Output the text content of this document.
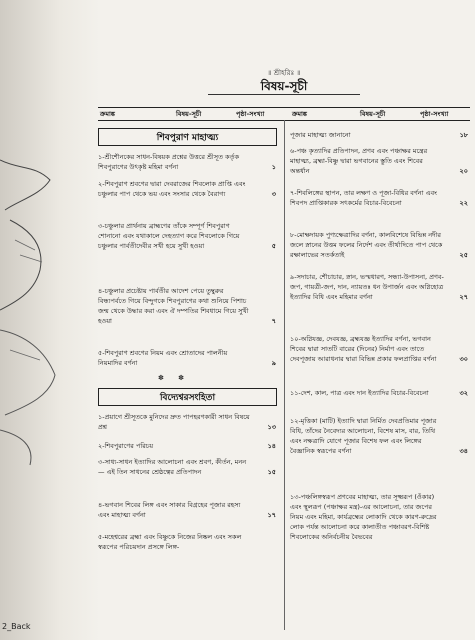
2_Back
॥ শ্রীহরিঃ ॥
বিষয়-সূচী
ক্রমাঙ্ক	বিষয়-সূচী	পৃষ্ঠা-সংখ্যা	ক্রমাঙ্ক	বিষয়-সূচী	পৃষ্ঠা-সংখ্যা
শিবপুরাণ মাহাত্ম্য
১-শ্রীশৌনকের সাধন-বিষয়ক প্রশ্নের উত্তরে শ্রীসূত কর্তৃক শিবপুরাণের উৎকৃষ্ট মহিমা বর্ণনা	১
২-শিবপুরাণ শ্রবণের দ্বারা দেবরাজের শিবলোক প্রাপ্তি এবং চঞ্চুলার পাপ থেকে ভয় এবং সংসার থেকে বৈরাগ্য	৩
৩-চঞ্চুলার প্রার্থনায় ব্রাহ্মণের তাঁকে সম্পূর্ণ শিবপুরাণ শোনানো এবং যথাকালে দেহত্যাগ করে শিবলোকে গিয়ে চঞ্চুলার পার্বতীদেবীর সখী হয়ে সুখী হওয়া	৫
৪-চঞ্চুলার প্রচেষ্টায় পার্বতীর আদেশ পেয়ে তুম্বুরুর বিন্ধ্যপর্বতে গিয়ে বিন্দুগকে শিবপুরাণের কথা শুনিয়ে পিশাচ জন্ম থেকে উদ্ধার করা এবং ঐ দম্পতির শিবধামে গিয়ে সুখী হওয়া	৭
৫-শিবপুরাণ শ্রবণের নিয়ম এবং শ্রোতাদের পালনীয় নিয়মাদির বর্ণনা	৯
✽ ✽
বিদ্যেশ্বরসংহিতা
১-প্রয়াগে শ্রীসূতকে মুনিদের দ্রুত পাপহরণকারী সাধন বিষয়ে প্রশ্ন	১৩
২-শিবপুরাণের পরিচয়	১৪
৩-সাধ্য-সাধন ইত্যাদির আলোচনা এবং শ্রবণ, কীর্তন, মনন— এই তিন সাধনের শ্রেষ্ঠত্বের প্রতিপাদন	১৫
৪-ভগবান শিবের লিঙ্গ এবং সাকার বিগ্রহের পূজার রহস্য এবং মাহাত্ম্য বর্ণনা	১৭
৫-মহেশ্বরের ব্রহ্মা এবং বিষ্ণুকে নিজের নিষ্কল এবং সকল স্বরূপের পরিচয়দান প্রসঙ্গে লিঙ্গ-
পূজার মাহাত্ম্য জানানো	১৮
৬-পঞ্চ কৃত্যাদির প্রতিপাদন, প্রণব এবং পঞ্চাক্ষর মন্ত্রের মাহাত্ম্য, ব্রহ্মা-বিষ্ণু দ্বারা ভগবানের স্তুতি এবং শিবের অন্তর্ধান	২০
৭-শিবলিঙ্গের স্থাপন, তার লক্ষণ ও পূজা-বিধির বর্ণনা এবং শিবপদ প্রাপ্তিকারক সৎকর্মের বিচার-বিবেচনা	২২
৮-মোক্ষদায়ক পুণ্যক্ষেত্রাদির বর্ণনা, কালবিশেষে বিভিন্ন নদীর জলে স্নানের উত্তম ফলের নির্দেশ এবং তীর্থাদিতে পাপ থেকে রক্ষালাভের সতর্কতাই	২৫
৯-সদাচার, শৌচাচার, স্নান, ভস্মধারণ, সন্ধ্যা-উপাসনা, প্রণব-জপ, গায়ত্রী-জপ, দান, ন্যায়তঃ ধন উপার্জন এবং অগ্নিহোত্র ইত্যাদির বিধি এবং মহিমার বর্ণনা	২৭
১০-অগ্নিযজ্ঞ, দেবযজ্ঞ, ব্রহ্মযজ্ঞ ইত্যাদির বর্ণনা, ভগবান শিবের দ্বারা সাতটি বারের (দিনের) নির্মাণ এবং তাতে দেবপূজায় আরাধনার দ্বারা বিভিন্ন প্রকার ফলপ্রাপ্তির বর্ণনা	৩০
১১-দেশ, কাল, পাত্র এবং দান ইত্যাদির বিচার-বিবেচনা	৩২
১২-মৃত্তিকা (মাটি) ইত্যাদি দ্বারা নির্মিত দেবপ্রতিমার পূজার বিধি, তাঁদের নৈবেদ্যর আলোচনা, বিশেষ মাস, বার, তিথি এবং নক্ষত্রাদি যোগে পূজার বিশেষ ফল এবং লিঙ্গের বৈজ্ঞানিক স্বরূপের বর্ণনা	৩৪
১৩-পঞ্চলিঙ্গস্বরূপ প্রণবের মাহাত্ম্য, তার সূক্ষ্মরূপ (ওঁকার) এবং স্থূলরূপ (পঞ্চাক্ষর মন্ত্র)-এর আলোচনা, তার জপের নিয়ম এবং মহিমা, কার্যব্রহ্মের লোকাদি থেকে কারণ-রুদ্রের লোক পর্যন্ত আলোচনা করে কালাতীত পঞ্চাবরণ-বিশিষ্ট শিবলোকের অনির্বচনীয় বৈভবের
